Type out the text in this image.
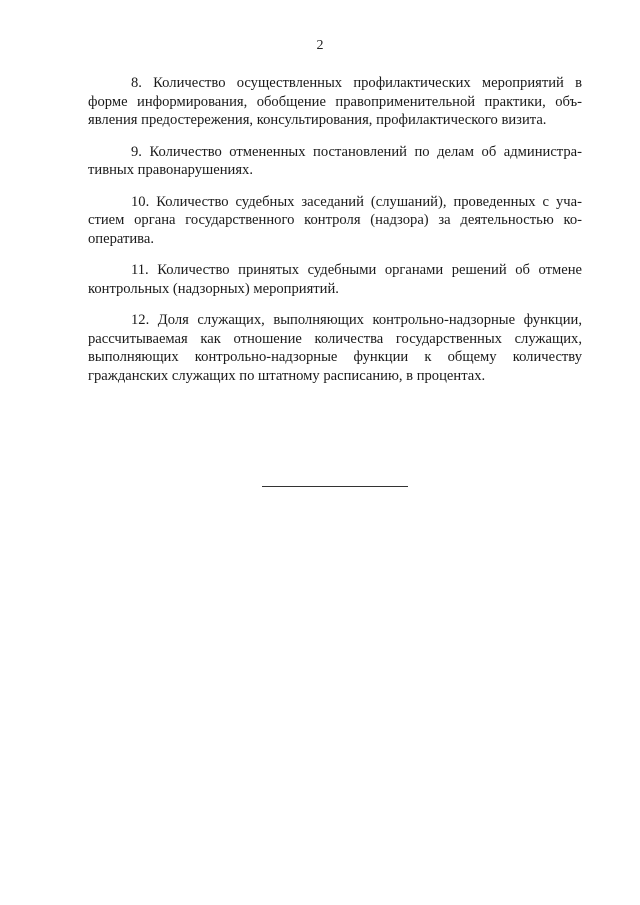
2

8. Количество осуществленных профилактических мероприятий в форме информирования, обобщение правоприменительной практики, объявления предостережения, консультирования, профилактического визита.

9. Количество отмененных постановлений по делам об административных правонарушениях.

10. Количество судебных заседаний (слушаний), проведенных с участием органа государственного контроля (надзора) за деятельностью кооператива.

11. Количество принятых судебными органами решений об отмене контрольных (надзорных) мероприятий.

12. Доля служащих, выполняющих контрольно-надзорные функции, рассчитываемая как отношение количества государственных служащих, выполняющих контрольно-надзорные функции к общему количеству гражданских служащих по штатному расписанию, в процентах.
